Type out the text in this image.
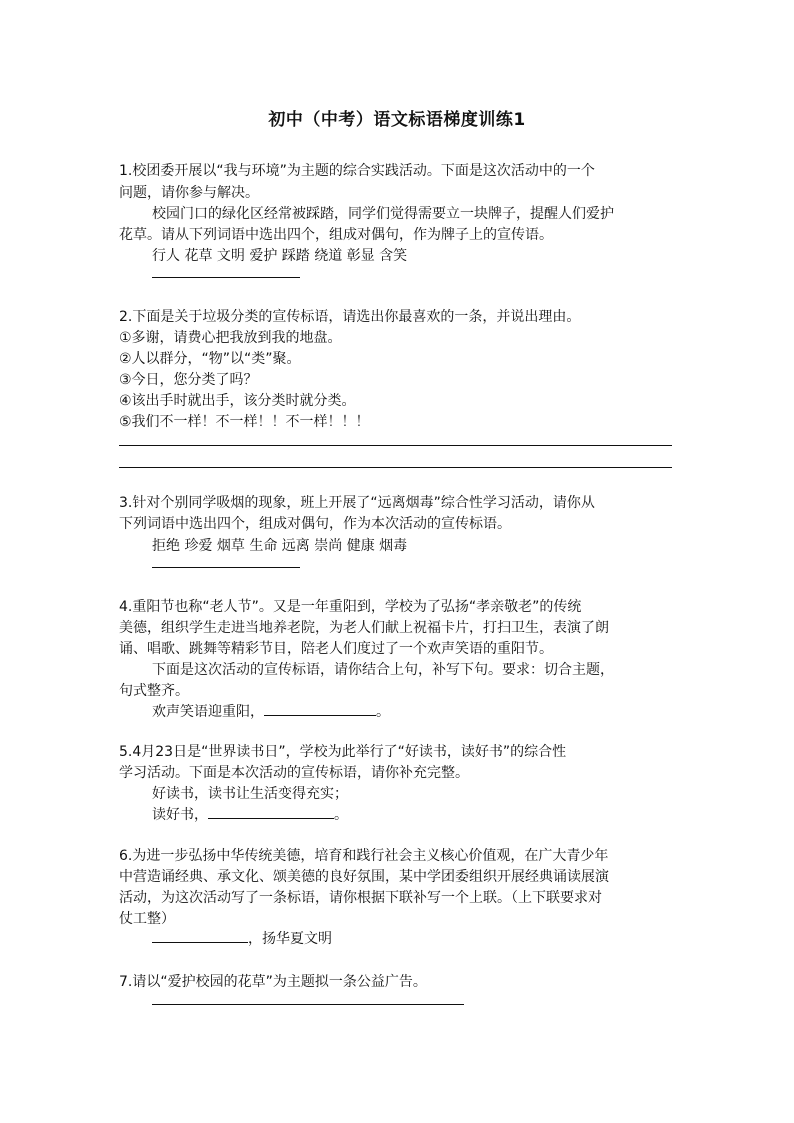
初中（中考）语文标语梯度训练1
1.校团委开展以“我与环境”为主题的综合实践活动。下面是这次活动中的一个
问题，请你参与解决。
校园门口的绿化区经常被踩踏，同学们觉得需要立一块牌子，提醒人们爱护
花草。请从下列词语中选出四个，组成对偶句，作为牌子上的宣传语。
行人 花草 文明 爱护 踩踏 绕道 彰显 含笑
2.下面是关于垃圾分类的宣传标语，请选出你最喜欢的一条，并说出理由。
①多谢，请费心把我放到我的地盘。
②人以群分，“物”以“类”聚。
③今日，您分类了吗？
④该出手时就出手，该分类时就分类。
⑤我们不一样！不一样！！不一样！！！
3.针对个别同学吸烟的现象，班上开展了“远离烟毒”综合性学习活动，请你从
下列词语中选出四个，组成对偶句，作为本次活动的宣传标语。
拒绝 珍爱 烟草 生命 远离 崇尚 健康 烟毒
4.重阳节也称“老人节”。又是一年重阳到，学校为了弘扬“孝亲敬老”的传统
美德，组织学生走进当地养老院，为老人们献上祝福卡片，打扫卫生，表演了朗
诵、唱歌、跳舞等精彩节目，陪老人们度过了一个欢声笑语的重阳节。
下面是这次活动的宣传标语，请你结合上句，补写下句。要求：切合主题，
句式整齐。
欢声笑语迎重阳，	。
5.4月23日是“世界读书日”，学校为此举行了“好读书，读好书”的综合性
学习活动。下面是本次活动的宣传标语，请你补充完整。
好读书，读书让生活变得充实；
读好书，	。
6.为进一步弘扬中华传统美德，培育和践行社会主义核心价值观，在广大青少年
中营造诵经典、承文化、颂美德的良好氛围，某中学团委组织开展经典诵读展演
活动，为这次活动写了一条标语，请你根据下联补写一个上联。（上下联要求对
仗工整）
，扬华夏文明
7.请以“爱护校园的花草”为主题拟一条公益广告。
